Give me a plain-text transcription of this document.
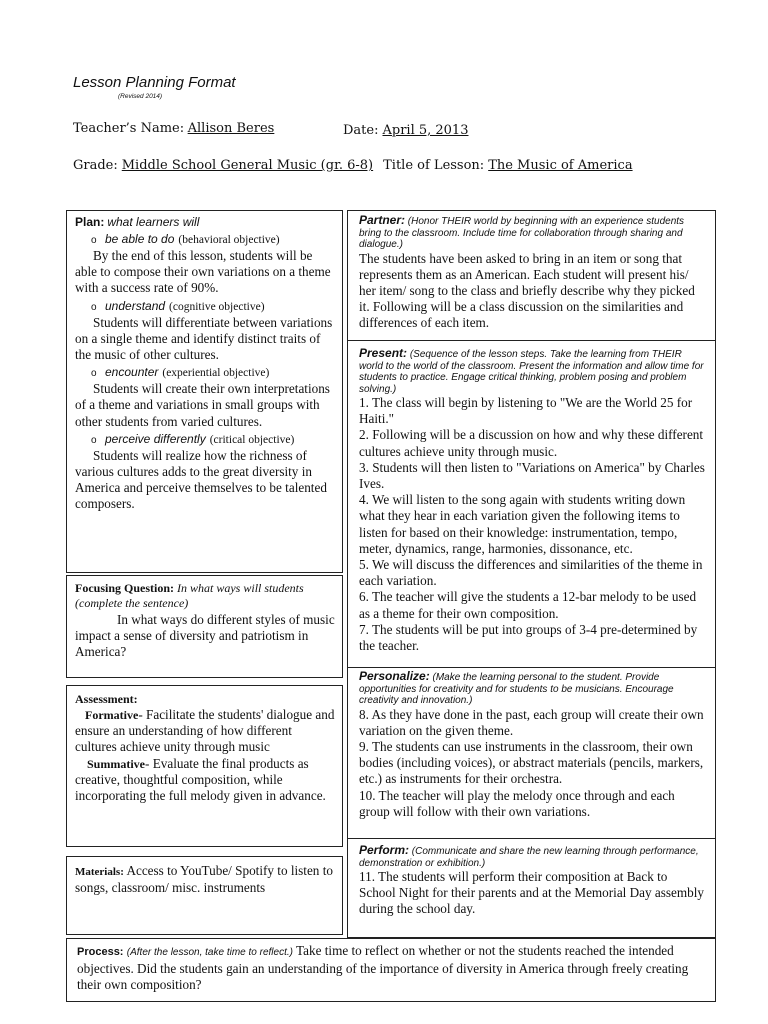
Lesson Planning Format
(Revised 2014)
Teacher’s Name: Allison Beres	Date: April 5, 2013
Grade: Middle School General Music (gr. 6-8) Title of Lesson: The Music of America
Plan: what learners will
o be able to do
(behavioral objective)
By the end of this lesson, students will be able to compose their own variations on a theme with a success rate of 90%.
o understand
(cognitive objective)
Students will differentiate between variations on a single theme and identify distinct traits of the music of other cultures.
o encounter
(experiential objective)
Students will create their own interpretations of a theme and variations in small groups with other students from varied cultures.
o perceive differently
(critical objective)
Students will realize how the richness of various cultures adds to the great diversity in America and perceive themselves to be talented composers.
Focusing Question: In what ways will students (complete the sentence)
In what ways do different styles of music impact a sense of diversity and patriotism in America?
Assessment:
Formative- Facilitate the students' dialogue and ensure an understanding of how different cultures achieve unity through music
Summative- Evaluate the final products as creative, thoughtful composition, while incorporating the full melody given in advance.
Materials: Access to YouTube/ Spotify to listen to songs, classroom/ misc. instruments
Partner: (Honor THEIR world by beginning with an experience students bring to the classroom. Include time for collaboration through sharing and dialogue.)
The students have been asked to bring in an item or song that represents them as an American. Each student will present his/ her item/ song to the class and briefly describe why they picked it. Following will be a class discussion on the similarities and differences of each item.
Present: (Sequence of the lesson steps. Take the learning from THEIR world to the world of the classroom. Present the information and allow time for students to practice. Engage critical thinking, problem posing and problem solving.)
1. The class will begin by listening to "We are the World 25 for Haiti."
2. Following will be a discussion on how and why these different cultures achieve unity through music.
3. Students will then listen to "Variations on America" by Charles Ives.
4. We will listen to the song again with students writing down what they hear in each variation given the following items to listen for based on their knowledge: instrumentation, tempo, meter, dynamics, range, harmonies, dissonance, etc.
5. We will discuss the differences and similarities of the theme in each variation.
6. The teacher will give the students a 12-bar melody to be used as a theme for their own composition.
7. The students will be put into groups of 3-4 pre-determined by the teacher.
Personalize: (Make the learning personal to the student. Provide opportunities for creativity and for students to be musicians. Encourage creativity and innovation.)
8. As they have done in the past, each group will create their own variation on the given theme.
9. The students can use instruments in the classroom, their own bodies (including voices), or abstract materials (pencils, markers, etc.) as instruments for their orchestra.
10. The teacher will play the melody once through and each group will follow with their own variations.
Perform: (Communicate and share the new learning through performance, demonstration or exhibition.)
11. The students will perform their composition at Back to School Night for their parents and at the Memorial Day assembly during the school day.
Process: (After the lesson, take time to reflect.) Take time to reflect on whether or not the students reached the intended objectives. Did the students gain an understanding of the importance of diversity in America through freely creating their own composition?
